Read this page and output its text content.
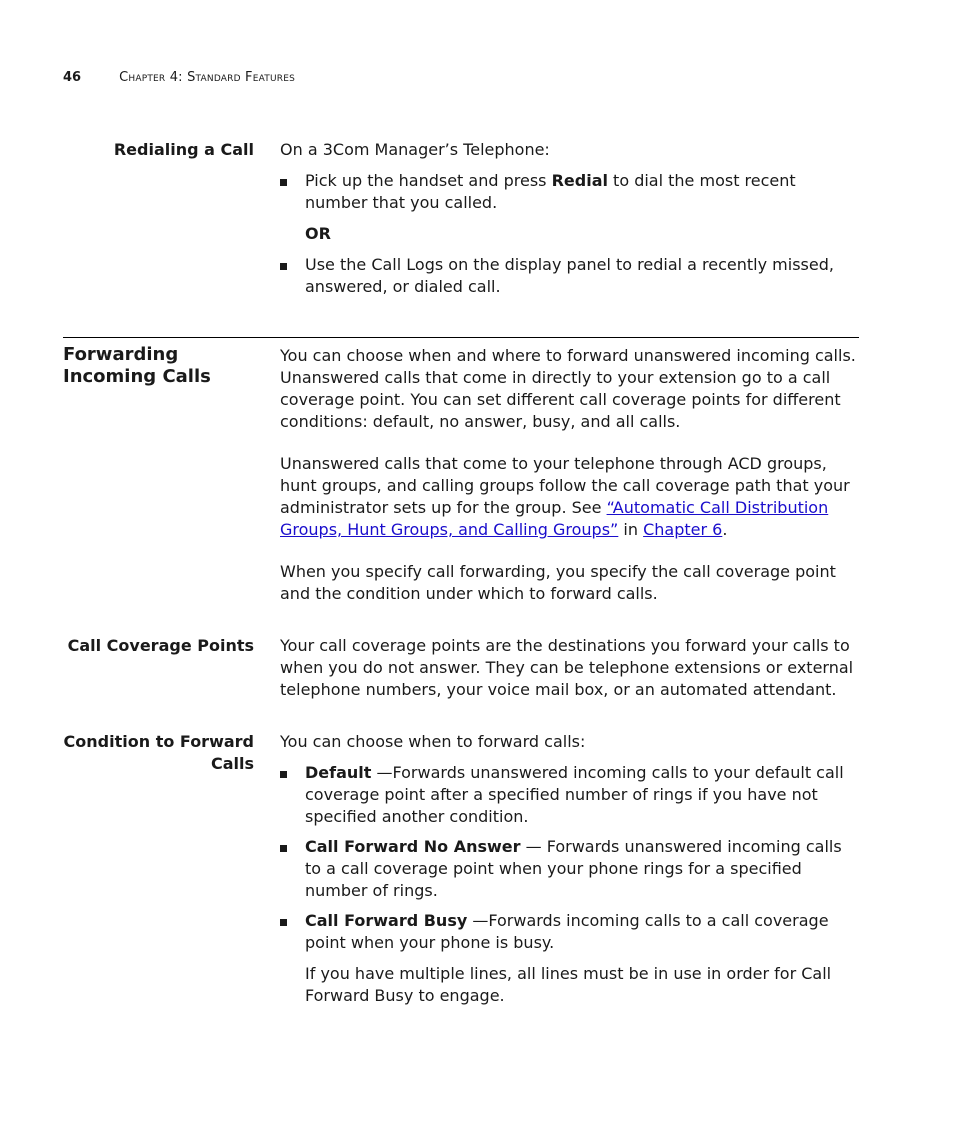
46	Chapter 4: Standard Features
Redialing a Call On a 3Com Manager’s Telephone:

Pick up the handset and press Redial to dial the most recent number that you called.

OR

Use the Call Logs on the display panel to redial a recently missed, answered, or dialed call.

Forwarding Incoming Calls

You can choose when and where to forward unanswered incoming calls. Unanswered calls that come in directly to your extension go to a call coverage point. You can set different call coverage points for different conditions: default, no answer, busy, and all calls.

Unanswered calls that come to your telephone through ACD groups, hunt groups, and calling groups follow the call coverage path that your administrator sets up for the group. See “Automatic Call Distribution Groups, Hunt Groups, and Calling Groups” in Chapter 6.

When you specify call forwarding, you specify the call coverage point and the condition under which to forward calls.

Call Coverage Points Your call coverage points are the destinations you forward your calls to when you do not answer. They can be telephone extensions or external telephone numbers, your voice mail box, or an automated attendant.
Condition to Forward Calls

You can choose when to forward calls:

Default —Forwards unanswered incoming calls to your default call coverage point after a specified number of rings if you have not specified another condition.

Call Forward No Answer — Forwards unanswered incoming calls to a call coverage point when your phone rings for a specified number of rings.

Call Forward Busy —Forwards incoming calls to a call coverage point when your phone is busy.

If you have multiple lines, all lines must be in use in order for Call Forward Busy to engage.
